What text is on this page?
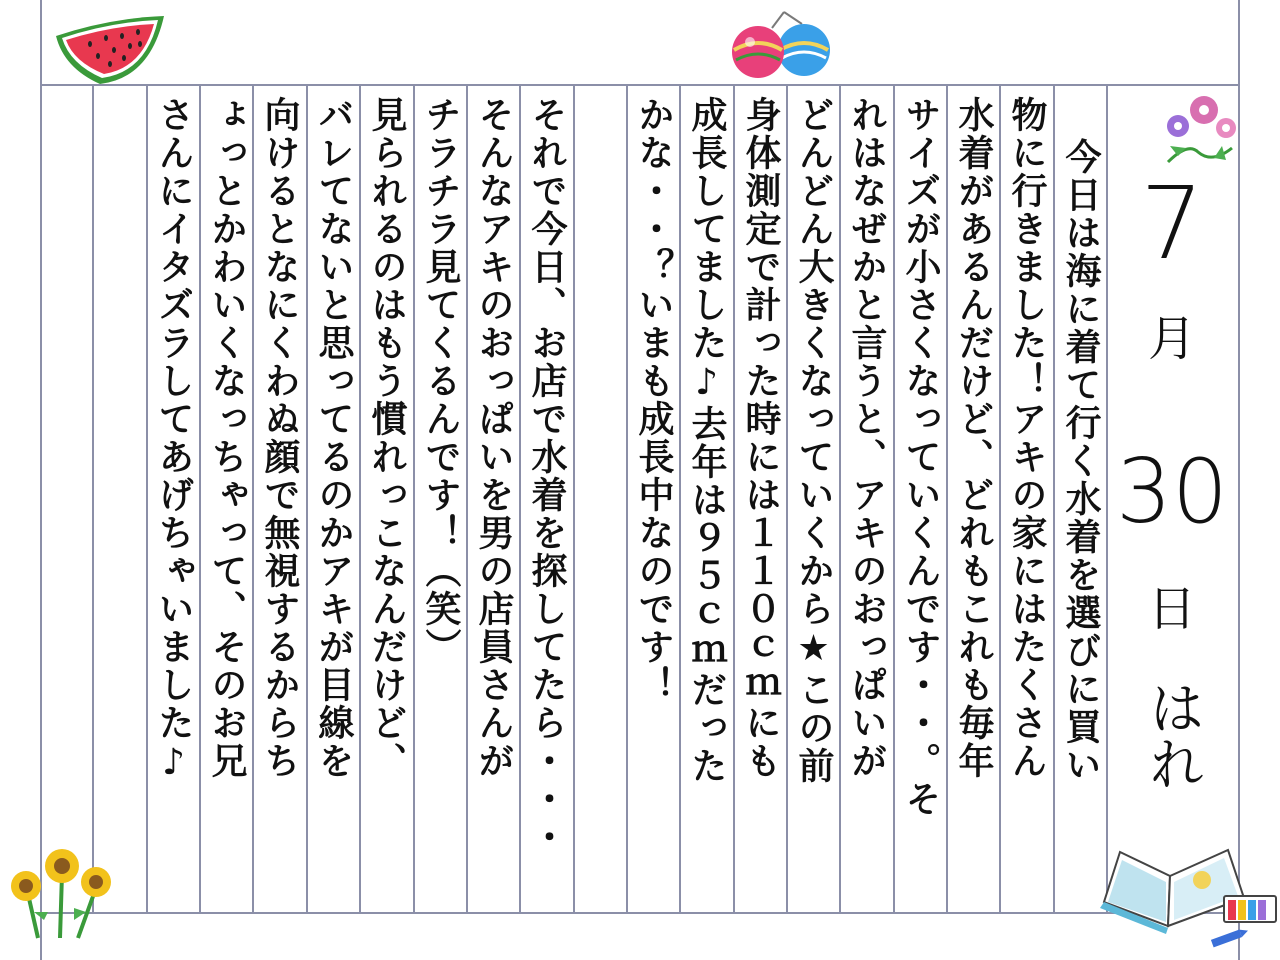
今日は海に着て行く水着を選びに買い
物に行きました！アキの家にはたくさん
水着があるんだけど、どれもこれも毎年
サイズが小さくなっていくんです・・。そ
れはなぜかと言うと、アキのおっぱいが
どんどん大きくなっていくから★この前
身体測定で計った時には１１０ｃｍにも
成長してました♪去年は９５ｃｍだった
かな・・？いまも成長中なのです！
それで今日、お店で水着を探してたら・・・
そんなアキのおっぱいを男の店員さんが
チラチラ見てくるんです！（笑）
見られるのはもう慣れっこなんだけど、
バレてないと思ってるのかアキが目線を
向けるとなにくわぬ顔で無視するからち
ょっとかわいくなっちゃって、そのお兄
さんにイタズラしてあげちゃいました♪	7
月
30
日
はれ
